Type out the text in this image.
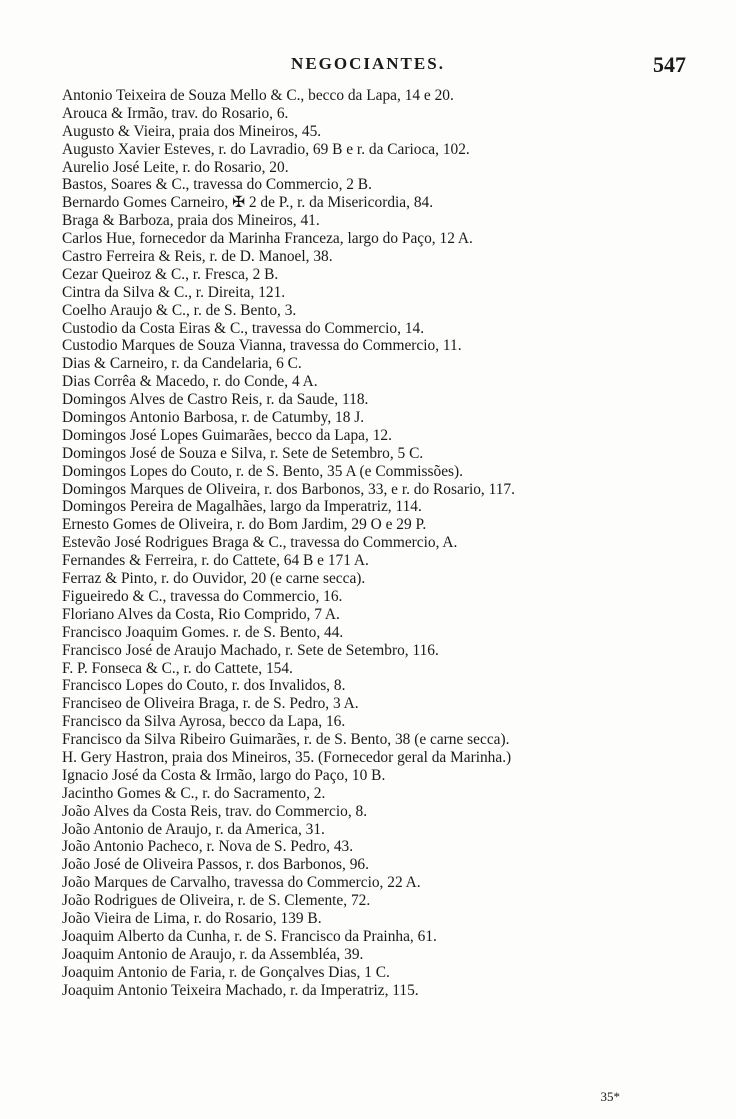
NEGOCIANTES.	547
Antonio Teixeira de Souza Mello & C., becco da Lapa, 14 e 20.
Arouca & Irmão, trav. do Rosario, 6.
Augusto & Vieira, praia dos Mineiros, 45.
Augusto Xavier Esteves, r. do Lavradio, 69 B e r. da Carioca, 102.
Aurelio José Leite, r. do Rosario, 20.
Bastos, Soares & C., travessa do Commercio, 2 B.
Bernardo Gomes Carneiro, ✠ 2 de P., r. da Misericordia, 84.
Braga & Barboza, praia dos Mineiros, 41.
Carlos Hue, fornecedor da Marinha Franceza, largo do Paço, 12 A.
Castro Ferreira & Reis, r. de D. Manoel, 38.
Cezar Queiroz & C., r. Fresca, 2 B.
Cintra da Silva & C., r. Direita, 121.
Coelho Araujo & C., r. de S. Bento, 3.
Custodio da Costa Eiras & C., travessa do Commercio, 14.
Custodio Marques de Souza Vianna, travessa do Commercio, 11.
Dias & Carneiro, r. da Candelaria, 6 C.
Dias Corrêa & Macedo, r. do Conde, 4 A.
Domingos Alves de Castro Reis, r. da Saude, 118.
Domingos Antonio Barbosa, r. de Catumby, 18 J.
Domingos José Lopes Guimarães, becco da Lapa, 12.
Domingos José de Souza e Silva, r. Sete de Setembro, 5 C.
Domingos Lopes do Couto, r. de S. Bento, 35 A (e Commissões).
Domingos Marques de Oliveira, r. dos Barbonos, 33, e r. do Rosario, 117.
Domingos Pereira de Magalhães, largo da Imperatriz, 114.
Ernesto Gomes de Oliveira, r. do Bom Jardim, 29 O e 29 P.
Estevão José Rodrigues Braga & C., travessa do Commercio, A.
Fernandes & Ferreira, r. do Cattete, 64 B e 171 A.
Ferraz & Pinto, r. do Ouvidor, 20 (e carne secca).
Figueiredo & C., travessa do Commercio, 16.
Floriano Alves da Costa, Rio Comprido, 7 A.
Francisco Joaquim Gomes. r. de S. Bento, 44.
Francisco José de Araujo Machado, r. Sete de Setembro, 116.
F. P. Fonseca & C., r. do Cattete, 154.
Francisco Lopes do Couto, r. dos Invalidos, 8.
Franciseo de Oliveira Braga, r. de S. Pedro, 3 A.
Francisco da Silva Ayrosa, becco da Lapa, 16.
Francisco da Silva Ribeiro Guimarães, r. de S. Bento, 38 (e carne secca).
H. Gery Hastron, praia dos Mineiros, 35. (Fornecedor geral da Marinha.)
Ignacio José da Costa & Irmão, largo do Paço, 10 B.
Jacintho Gomes & C., r. do Sacramento, 2.
João Alves da Costa Reis, trav. do Commercio, 8.
João Antonio de Araujo, r. da America, 31.
João Antonio Pacheco, r. Nova de S. Pedro, 43.
João José de Oliveira Passos, r. dos Barbonos, 96.
João Marques de Carvalho, travessa do Commercio, 22 A.
João Rodrigues de Oliveira, r. de S. Clemente, 72.
João Vieira de Lima, r. do Rosario, 139 B.
Joaquim Alberto da Cunha, r. de S. Francisco da Prainha, 61.
Joaquim Antonio de Araujo, r. da Assembléa, 39.
Joaquim Antonio de Faria, r. de Gonçalves Dias, 1 C.
Joaquim Antonio Teixeira Machado, r. da Imperatriz, 115.
35*
